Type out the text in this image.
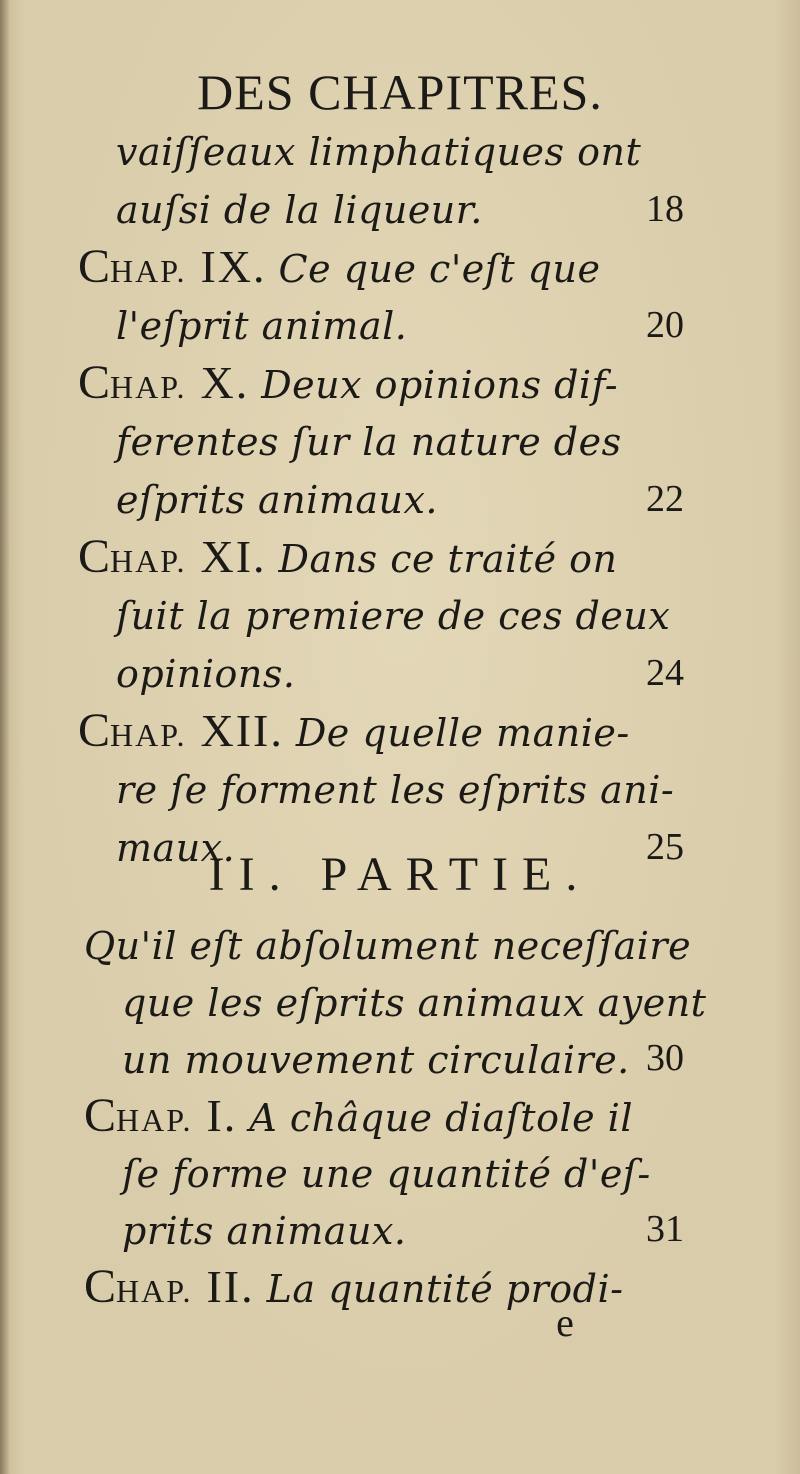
DES CHAPITRES.
vaiſſeaux limphatiques ont
auſsi de la liqueur.	18
CHAP. IX. Ce que c'eſt que
l'eſprit animal.	20
CHAP. X. Deux opinions dif-
ferentes ſur la nature des
eſprits animaux.	22
CHAP. XI. Dans ce traité on
ſuit la premiere de ces deux
opinions.	24
CHAP. XII. De quelle manie-
re ſe forment les eſprits ani-
maux.	25
II. PARTIE.
Qu'il eſt abſolument neceſſaire
que les eſprits animaux ayent
un mouvement circulaire. 30
CHAP. I. A châque diaſtole il
ſe forme une quantité d'eſ-
prits animaux.	31
CHAP. II. La quantité prodi-
e
